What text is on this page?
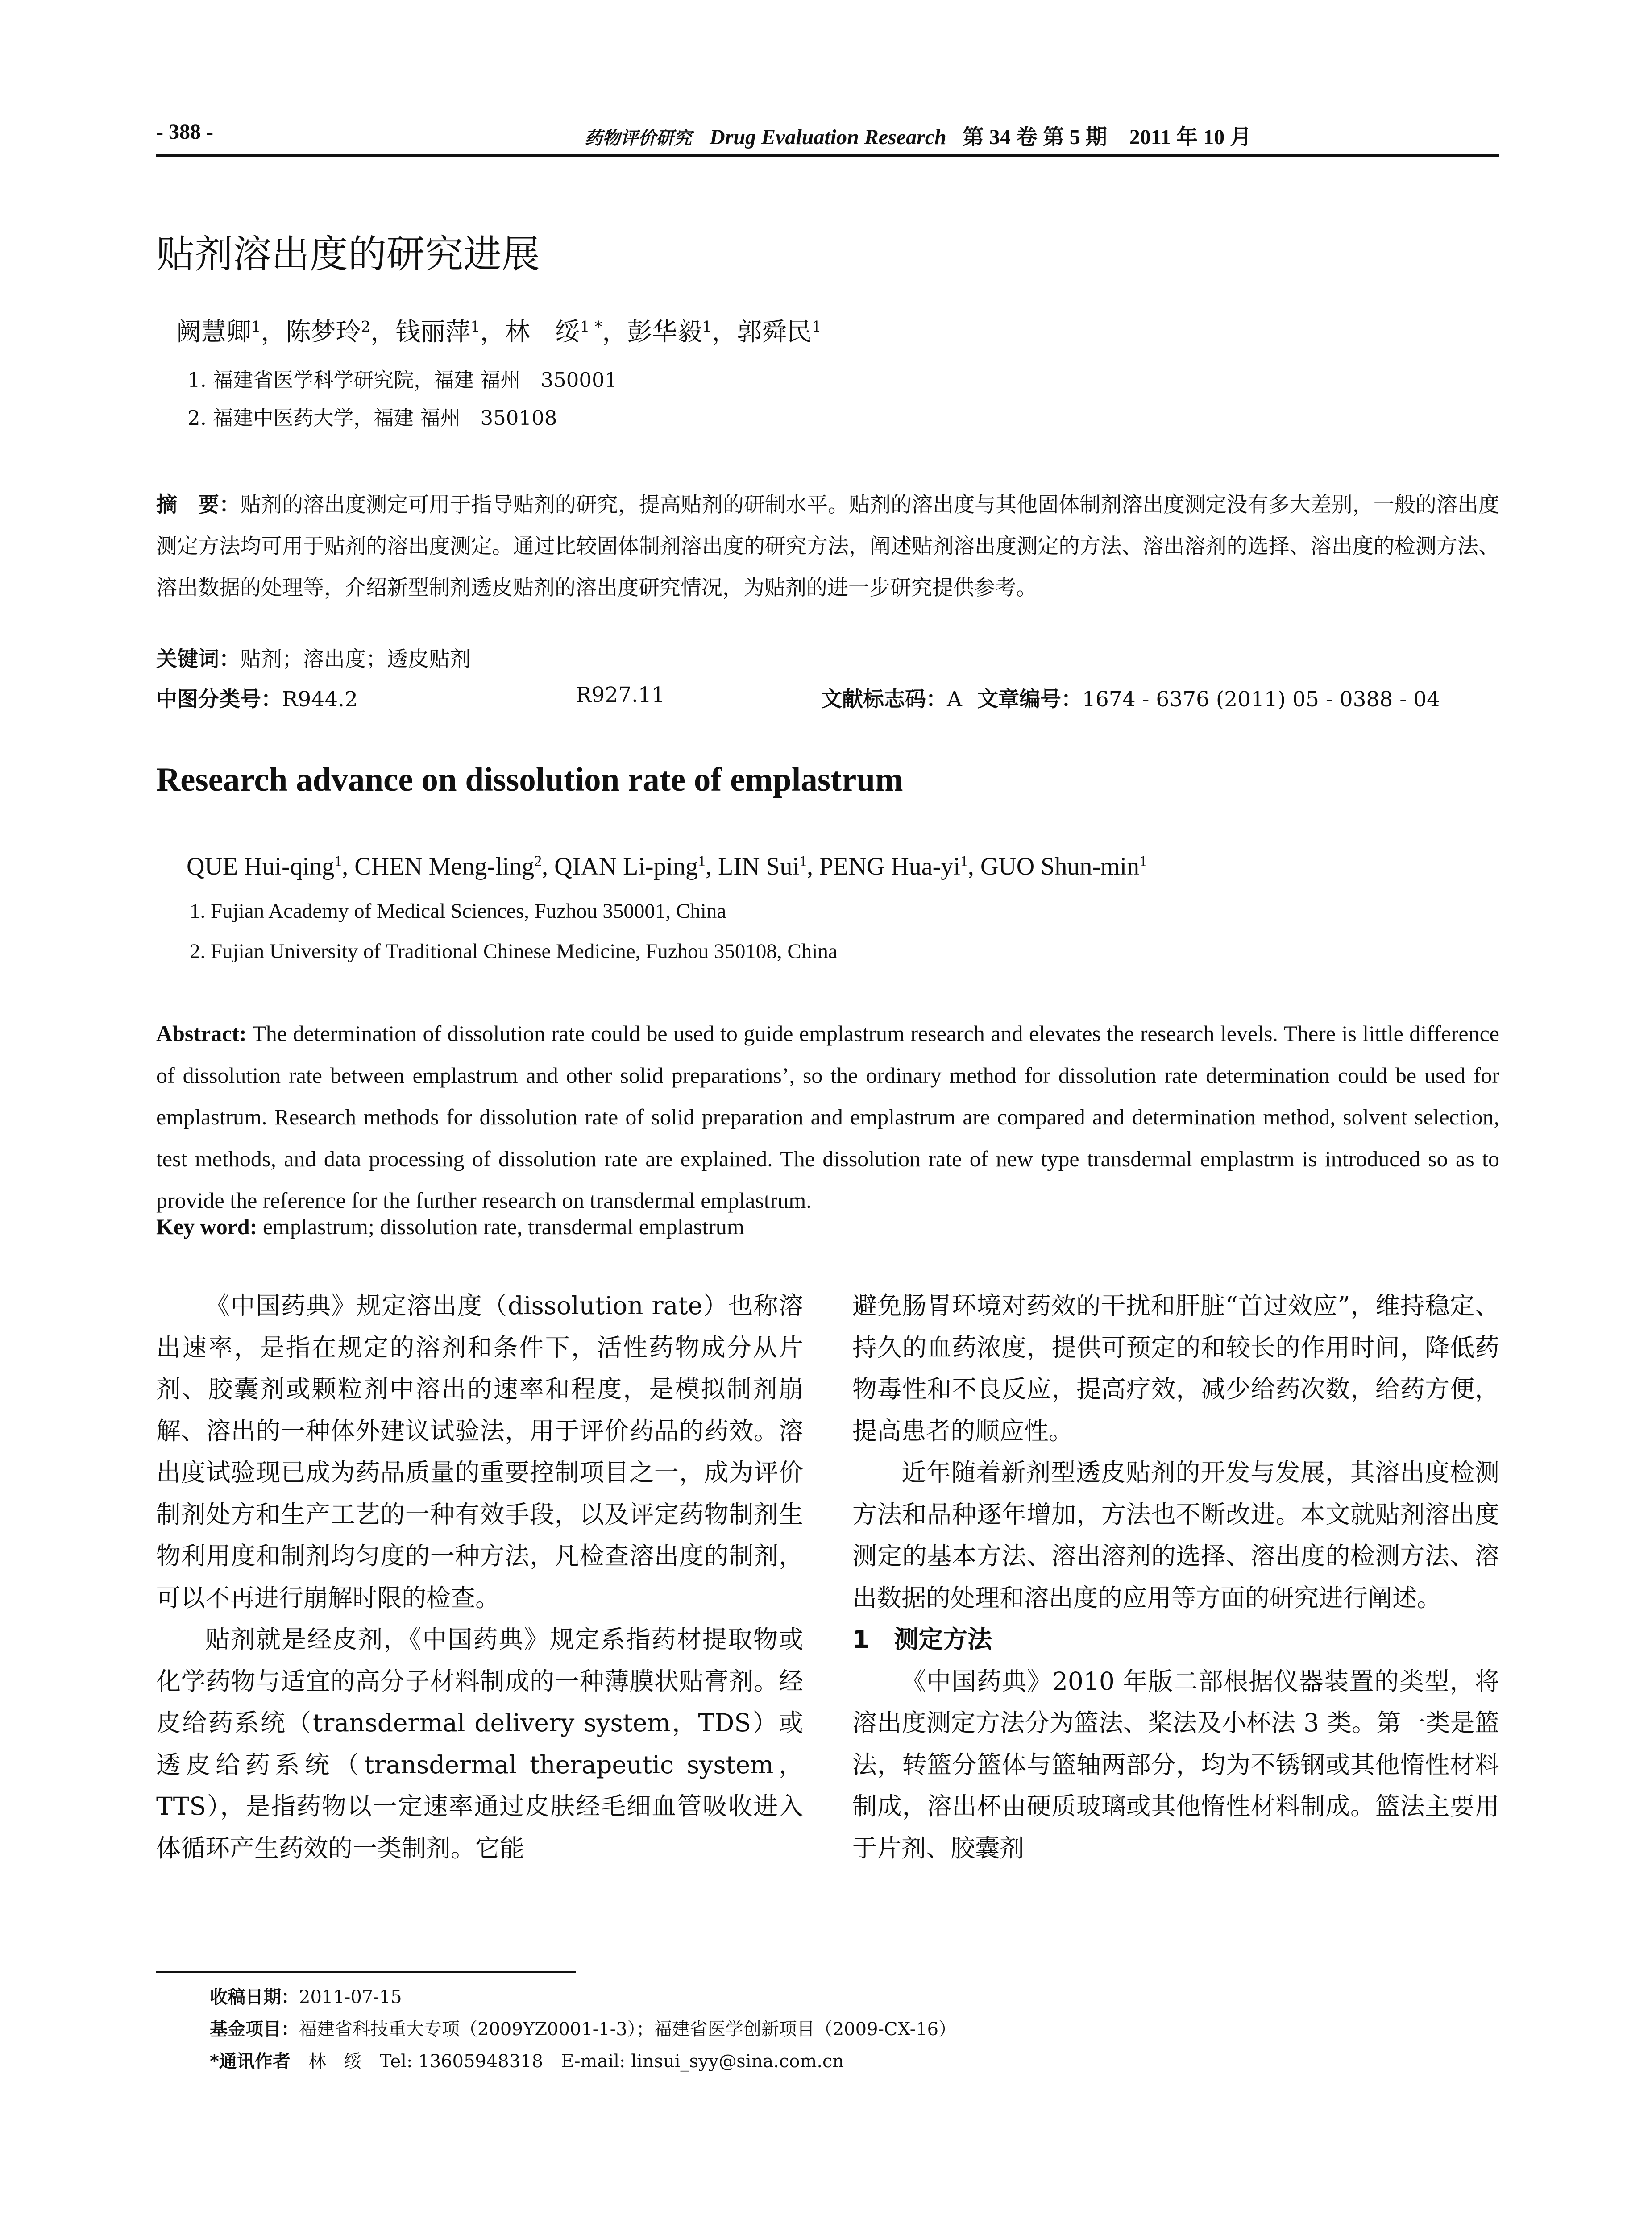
- 388 -	药物评价研究 Drug Evaluation Research 第 34 卷 第 5 期 2011 年 10 月
贴剂溶出度的研究进展
阙慧卿$^1$，陈梦玲$^2$，钱丽萍$^1$，林　绥$^{1 *}$，彭华毅$^1$，郭舜民$^1$
1. 福建省医学科学研究院，福建 福州　350001
2. 福建中医药大学，福建 福州　350108
摘　要：贴剂的溶出度测定可用于指导贴剂的研究，提高贴剂的研制水平。贴剂的溶出度与其他固体制剂溶出度测定没有多大差别，一般的溶出度测定方法均可用于贴剂的溶出度测定。通过比较固体制剂溶出度的研究方法，阐述贴剂溶出度测定的方法、溶出溶剂的选择、溶出度的检测方法、溶出数据的处理等，介绍新型制剂透皮贴剂的溶出度研究情况，为贴剂的进一步研究提供参考。
关键词：贴剂；溶出度；透皮贴剂
中图分类号：R944.2	R927.11	文献标志码：A 文章编号：1674 - 6376 (2011) 05 - 0388 - 04
Research advance on dissolution rate of emplastrum
QUE Hui-qing$^1$, CHEN Meng-ling$^2$, QIAN Li-ping$^1$, LIN Sui$^1$, PENG Hua-$yi^1$, GUO Shun-$\min^1$
1. Fujian Academy of Medical Sciences, Fuzhou 350001, China
2. Fujian University of Traditional Chinese Medicine, Fuzhou 350108, China
Abstract: The determination of dissolution rate could be used to guide emplastrum research and elevates the research levels. There is little difference of dissolution rate between emplastrum and other solid preparations’, so the ordinary method for dissolution rate determination could be used for emplastrum. Research methods for dissolution rate of solid preparation and emplastrum are compared and determination method, solvent selection, test methods, and data processing of dissolution rate are explained. The dissolution rate of new type transdermal emplastrm is introduced so as to provide the reference for the further research on transdermal emplastrum.
Key word: emplastrum; dissolution rate, transdermal emplastrum

《中国药典》规定溶出度（dissolution rate）也称溶出速率，是指在规定的溶剂和条件下，活性药物成分从片剂、胶囊剂或颗粒剂中溶出的速率和程度，是模拟制剂崩解、溶出的一种体外建议试验法，用于评价药品的药效。溶出度试验现已成为药品质量的重要控制项目之一，成为评价制剂处方和生产工艺的一种有效手段，以及评定药物制剂生物利用度和制剂均匀度的一种方法，凡检查溶出度的制剂，可以不再进行崩解时限的检查。

贴剂就是经皮剂，《中国药典》规定系指药材提取物或化学药物与适宜的高分子材料制成的一种薄膜状贴膏剂。经皮给药系统（transdermal delivery system，TDS）或透皮给药系统（transdermal therapeutic system，TTS），是指药物以一定速率通过皮肤经毛细血管吸收进入体循环产生药效的一类制剂。它能

避免肠胃环境对药效的干扰和肝脏“首过效应”，维持稳定、持久的血药浓度，提供可预定的和较长的作用时间，降低药物毒性和不良反应，提高疗效，减少给药次数，给药方便，提高患者的顺应性。

近年随着新剂型透皮贴剂的开发与发展，其溶出度检测方法和品种逐年增加，方法也不断改进。本文就贴剂溶出度测定的基本方法、溶出溶剂的选择、溶出度的检测方法、溶出数据的处理和溶出度的应用等方面的研究进行阐述。

1　测定方法

《中国药典》2010 年版二部根据仪器装置的类型，将溶出度测定方法分为篮法、桨法及小杯法 3 类。第一类是篮法，转篮分篮体与篮轴两部分，均为不锈钢或其他惰性材料制成，溶出杯由硬质玻璃或其他惰性材料制成。篮法主要用于片剂、胶囊剂

收稿日期：2011-07-15
基金项目：福建省科技重大专项（2009YZ0001-1-3）；福建省医学创新项目（2009-CX-16）
*通讯作者　林　绥　Tel: 13605948318　E-mail: linsui_syy@sina.com.cn
